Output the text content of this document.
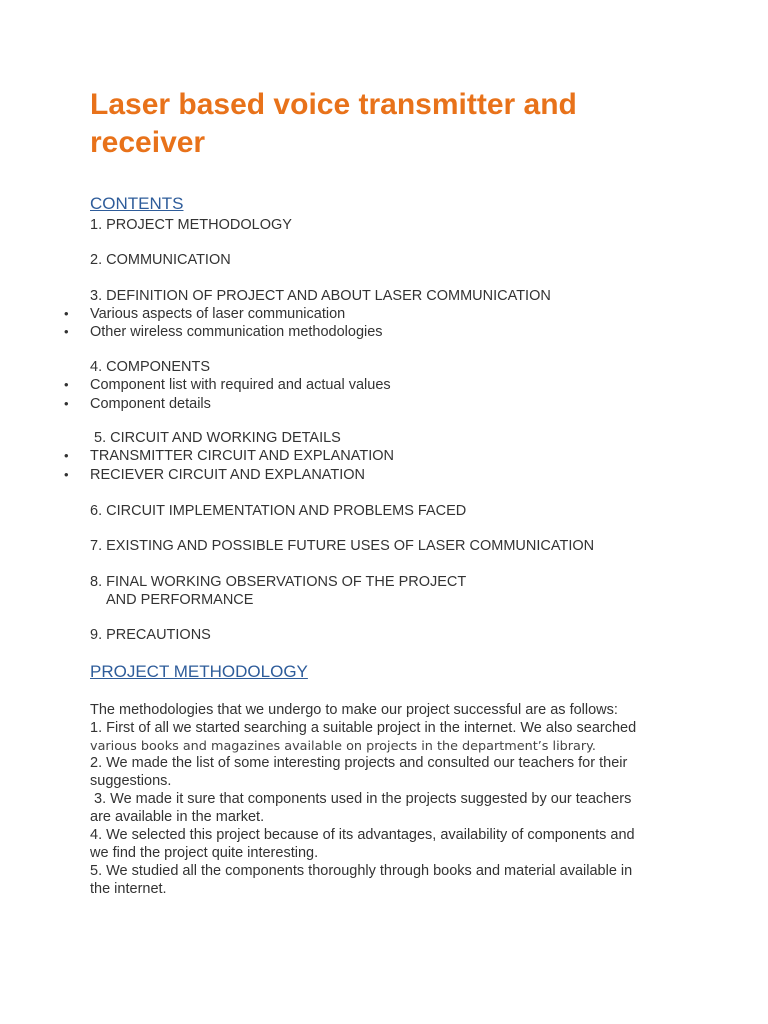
Laser based voice transmitter and receiver
CONTENTS
1. PROJECT METHODOLOGY
2. COMMUNICATION
3. DEFINITION OF PROJECT AND ABOUT LASER COMMUNICATION
• Various aspects of laser communication
• Other wireless communication methodologies
4. COMPONENTS
• Component list with required and actual values
• Component details
5. CIRCUIT AND WORKING DETAILS
• TRANSMITTER CIRCUIT AND EXPLANATION
• RECIEVER CIRCUIT AND EXPLANATION
6. CIRCUIT IMPLEMENTATION AND PROBLEMS FACED
7. EXISTING AND POSSIBLE FUTURE USES OF LASER COMMUNICATION
8. FINAL WORKING OBSERVATIONS OF THE PROJECT
AND PERFORMANCE
9. PRECAUTIONS
PROJECT METHODOLOGY
The methodologies that we undergo to make our project successful are as follows:
1. First of all we started searching a suitable project in the internet. We also searched
various books and magazines available on projects in the department’s library.
2. We made the list of some interesting projects and consulted our teachers for their
suggestions.
3. We made it sure that components used in the projects suggested by our teachers
are available in the market.
4. We selected this project because of its advantages, availability of components and
we find the project quite interesting.
5. We studied all the components thoroughly through books and material available in
the internet.
